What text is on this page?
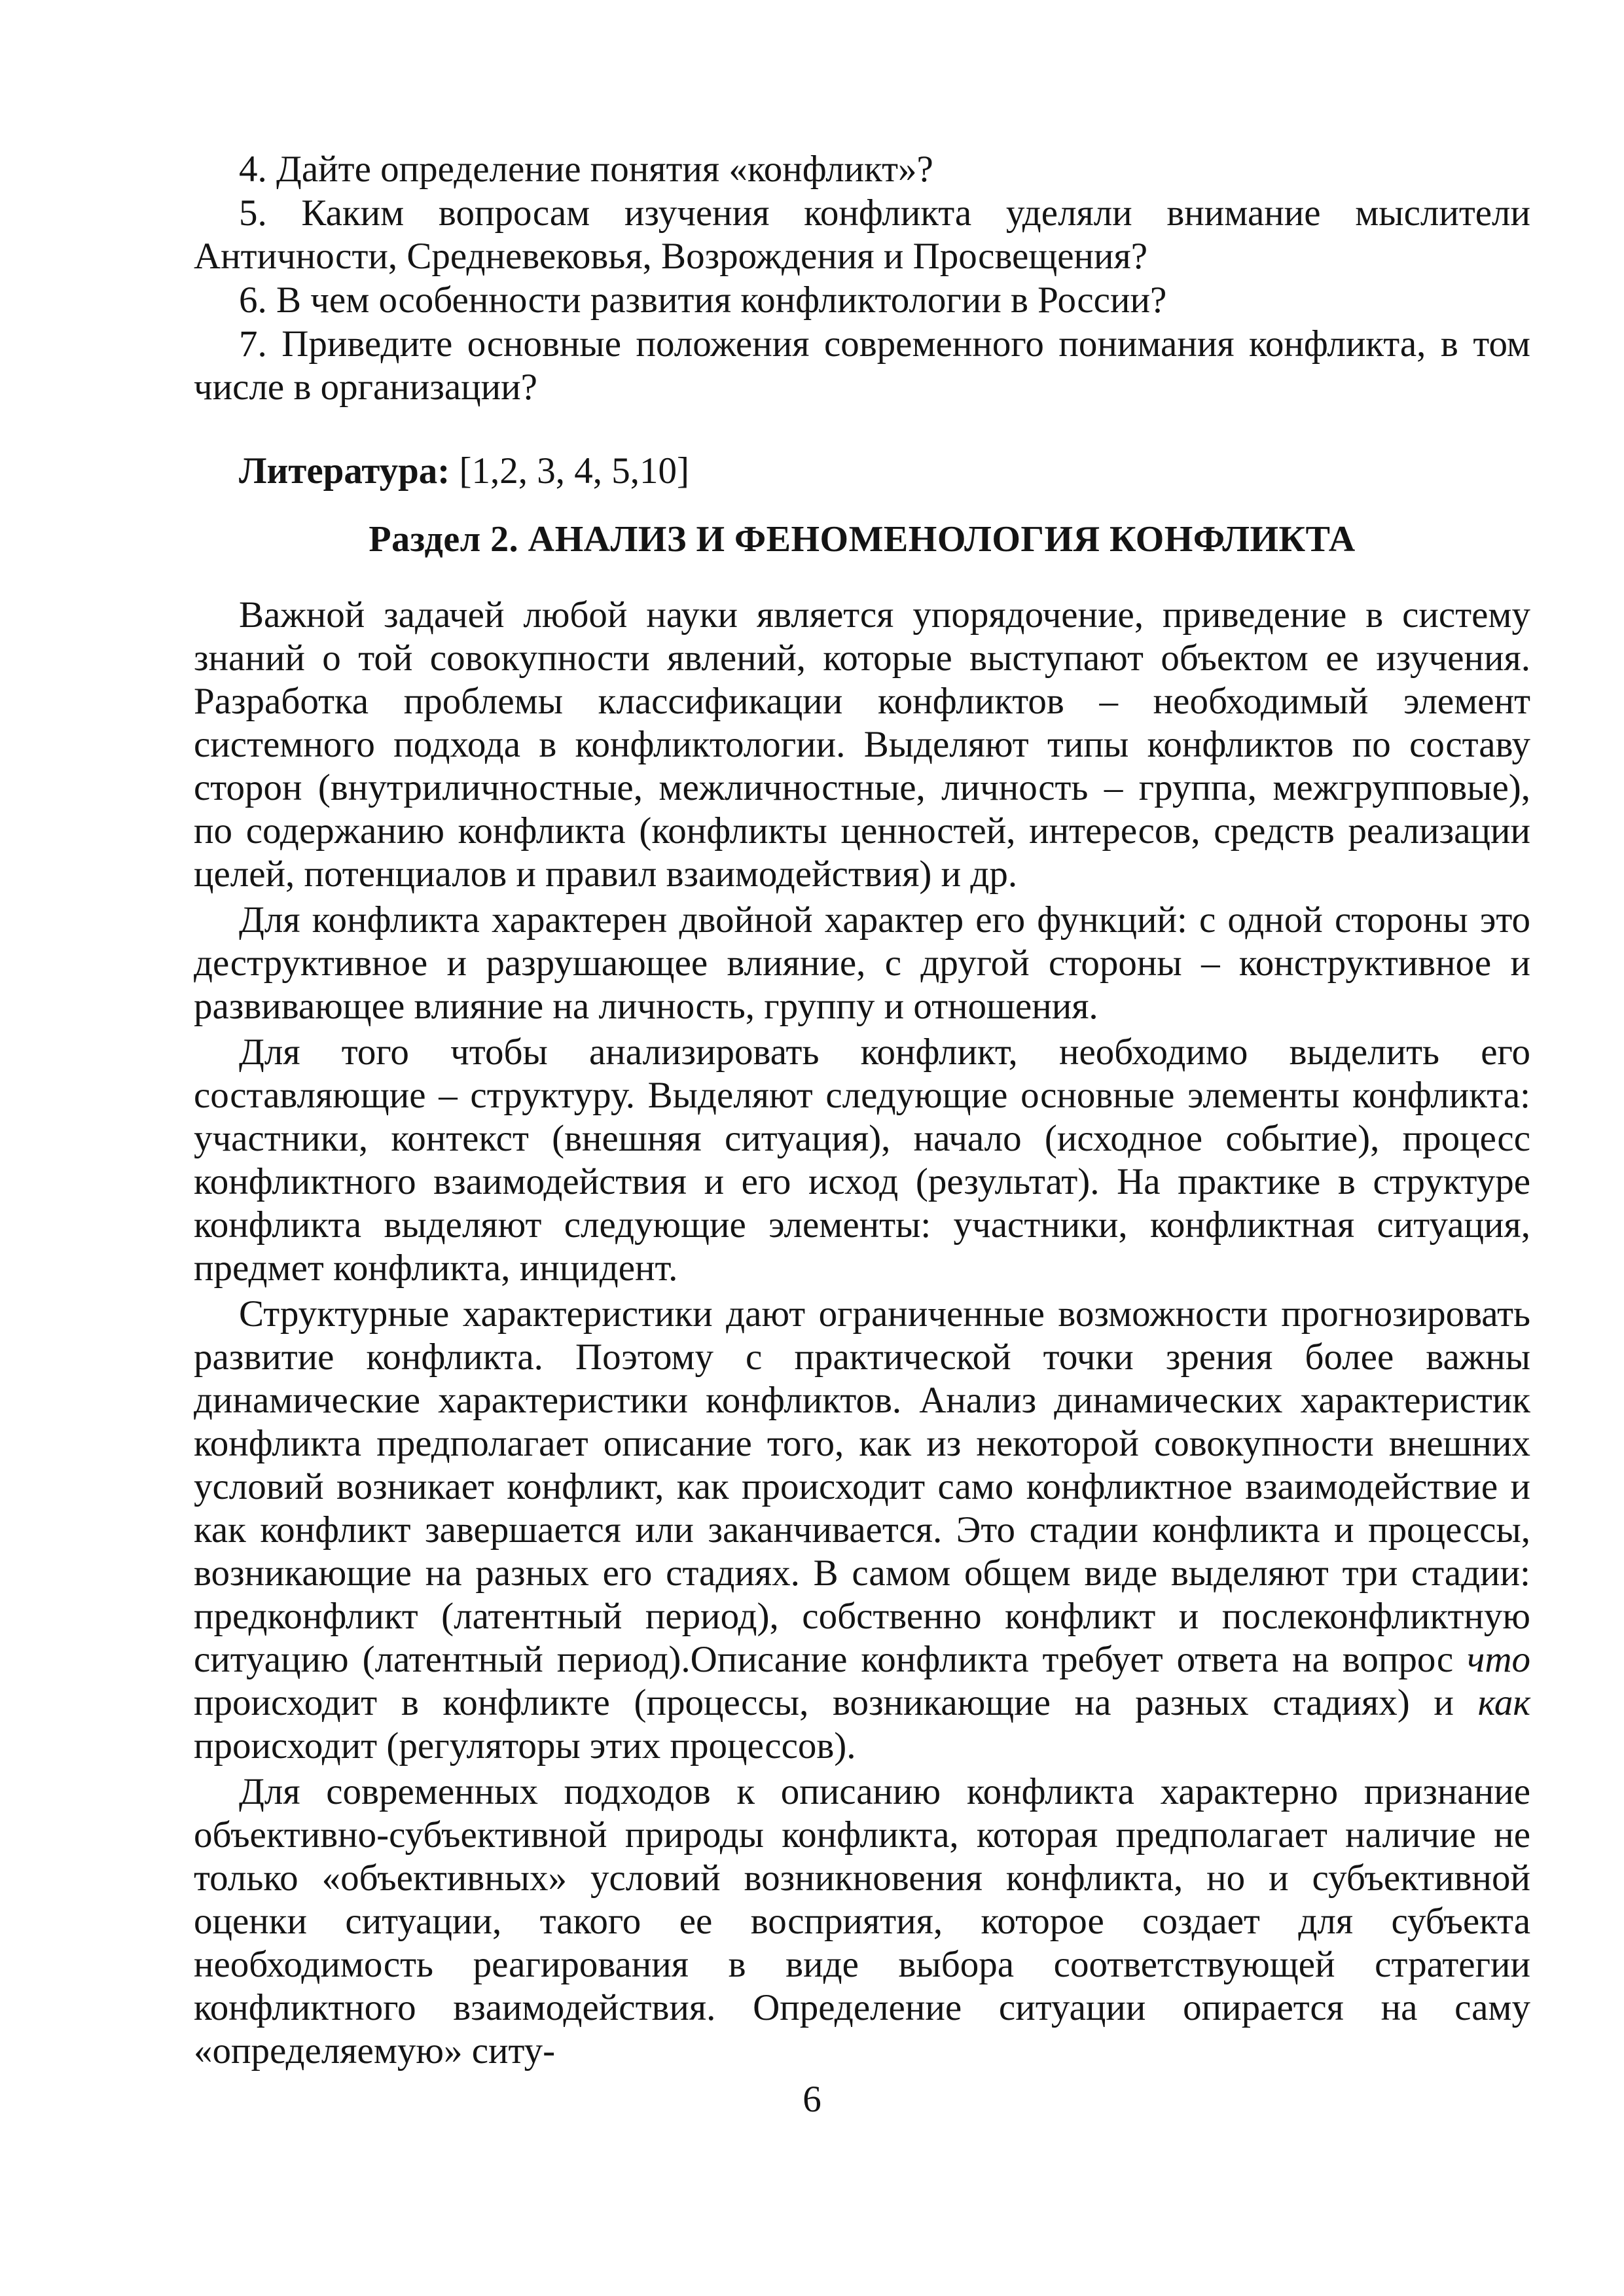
4. Дайте определение понятия «конфликт»?

5. Каким вопросам изучения конфликта уделяли внимание мыслители Античности, Средневековья, Возрождения и Просвещения?

6. В чем особенности развития конфликтологии в России?

7. Приведите основные положения современного понимания конфликта, в том числе в организации?

Литература: [1,2, 3, 4, 5,10]

Раздел 2. АНАЛИЗ И ФЕНОМЕНОЛОГИЯ КОНФЛИКТА

Важной задачей любой науки является упорядочение, приведение в систему знаний о той совокупности явлений, которые выступают объектом ее изучения. Разработка проблемы классификации конфликтов – необходимый элемент системного подхода в конфликтологии. Выделяют типы конфликтов по составу сторон (внутриличностные, межличностные, личность – группа, межгрупповые), по содержанию конфликта (конфликты ценностей, интересов, средств реализации целей, потенциалов и правил взаимодействия) и др.

Для конфликта характерен двойной характер его функций: с одной стороны это деструктивное и разрушающее влияние, с другой стороны – конструктивное и развивающее влияние на личность, группу и отношения.

Для того чтобы анализировать конфликт, необходимо выделить его составляющие – структуру. Выделяют следующие основные элементы конфликта: участники, контекст (внешняя ситуация), начало (исходное событие), процесс конфликтного взаимодействия и его исход (результат). На практике в структуре конфликта выделяют следующие элементы: участники, конфликтная ситуация, предмет конфликта, инцидент.

Структурные характеристики дают ограниченные возможности прогнозировать развитие конфликта. Поэтому с практической точки зрения более важны динамические характеристики конфликтов. Анализ динамических характеристик конфликта предполагает описание того, как из некоторой совокупности внешних условий возникает конфликт, как происходит само конфликтное взаимодействие и как конфликт завершается или заканчивается. Это стадии конфликта и процессы, возникающие на разных его стадиях. В самом общем виде выделяют три стадии: предконфликт (латентный период), собственно конфликт и послеконфликтную ситуацию (латентный период).Описание конфликта требует ответа на вопрос что происходит в конфликте (процессы, возникающие на разных стадиях) и как происходит (регуляторы этих процессов).

Для современных подходов к описанию конфликта характерно признание объективно-субъективной природы конфликта, которая предполагает наличие не только «объективных» условий возникновения конфликта, но и субъективной оценки ситуации, такого ее восприятия, которое создает для субъекта необходимость реагирования в виде выбора соответствующей стратегии конфликтного взаимодействия. Определение ситуации опирается на саму «определяемую» ситу-

6
